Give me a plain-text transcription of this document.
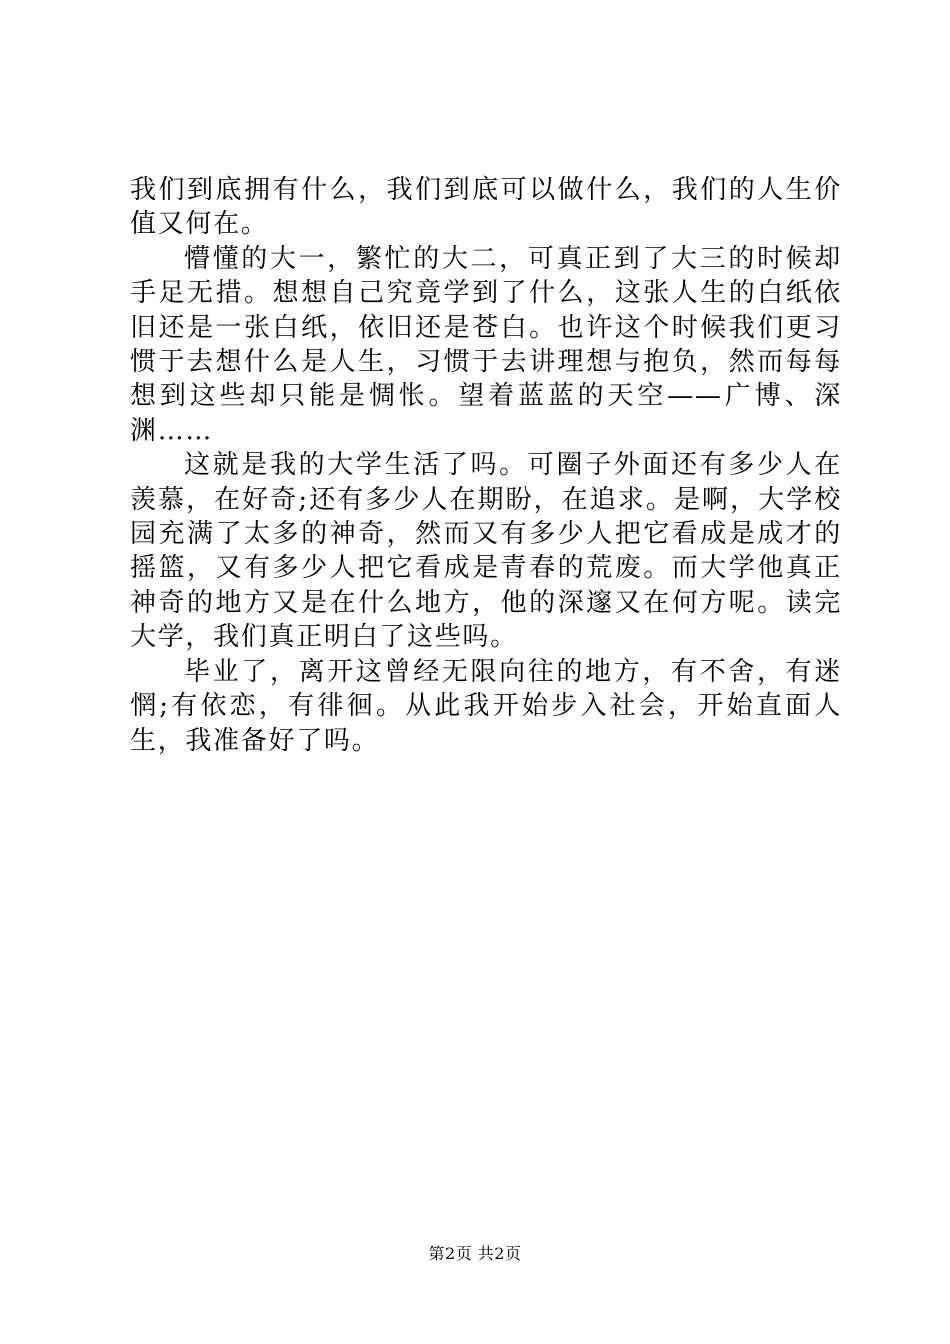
我们到底拥有什么，我们到底可以做什么，我们的人生价值又何在。

懵懂的大一，繁忙的大二，可真正到了大三的时候却手足无措。想想自己究竟学到了什么，这张人生的白纸依旧还是一张白纸，依旧还是苍白。也许这个时候我们更习惯于去想什么是人生，习惯于去讲理想与抱负，然而每每想到这些却只能是惆怅。望着蓝蓝的天空——广博、深渊……

这就是我的大学生活了吗。可圈子外面还有多少人在羡慕，在好奇;还有多少人在期盼，在追求。是啊，大学校园充满了太多的神奇，然而又有多少人把它看成是成才的摇篮，又有多少人把它看成是青春的荒废。而大学他真正神奇的地方又是在什么地方，他的深邃又在何方呢。读完大学，我们真正明白了这些吗。

毕业了，离开这曾经无限向往的地方，有不舍，有迷惘;有依恋，有徘徊。从此我开始步入社会，开始直面人生，我准备好了吗。

第2页 共2页
